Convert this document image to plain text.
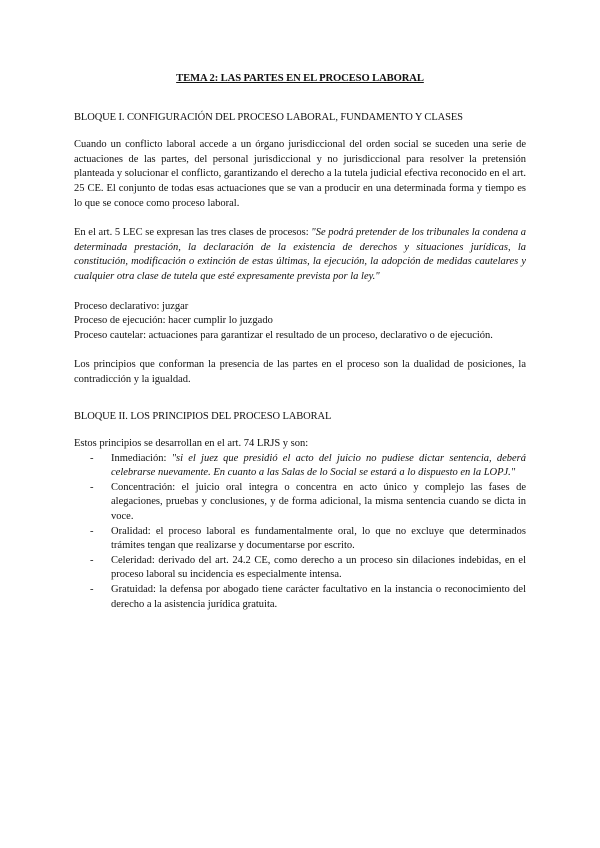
TEMA 2: LAS PARTES EN EL PROCESO LABORAL
BLOQUE I. CONFIGURACIÓN DEL PROCESO LABORAL, FUNDAMENTO Y CLASES

Cuando un conflicto laboral accede a un órgano jurisdiccional del orden social se suceden una serie de actuaciones de las partes, del personal jurisdiccional y no jurisdiccional para resolver la pretensión planteada y solucionar el conflicto, garantizando el derecho a la tutela judicial efectiva reconocido en el art. 25 CE. El conjunto de todas esas actuaciones que se van a producir en una determinada forma y tiempo es lo que se conoce como proceso laboral.

En el art. 5 LEC se expresan las tres clases de procesos: "Se podrá pretender de los tribunales la condena a determinada prestación, la declaración de la existencia de derechos y situaciones jurídicas, la constitución, modificación o extinción de estas últimas, la ejecución, la adopción de medidas cautelares y cualquier otra clase de tutela que esté expresamente prevista por la ley."

Proceso declarativo: juzgar
Proceso de ejecución: hacer cumplir lo juzgado
Proceso cautelar: actuaciones para garantizar el resultado de un proceso, declarativo o de ejecución.

Los principios que conforman la presencia de las partes en el proceso son la dualidad de posiciones, la contradicción y la igualdad.

BLOQUE II. LOS PRINCIPIOS DEL PROCESO LABORAL

Estos principios se desarrollan en el art. 74 LRJS y son:

- Inmediación: "si el juez que presidió el acto del juicio no pudiese dictar sentencia, deberá celebrarse nuevamente. En cuanto a las Salas de lo Social se estará a lo dispuesto en la LOPJ."
- Concentración: el juicio oral integra o concentra en acto único y complejo las fases de alegaciones, pruebas y conclusiones, y de forma adicional, la misma sentencia cuando se dicta in voce.
- Oralidad: el proceso laboral es fundamentalmente oral, lo que no excluye que determinados trámites tengan que realizarse y documentarse por escrito.
- Celeridad: derivado del art. 24.2 CE, como derecho a un proceso sin dilaciones indebidas, en el proceso laboral su incidencia es especialmente intensa.
- Gratuidad: la defensa por abogado tiene carácter facultativo en la instancia o reconocimiento del derecho a la asistencia jurídica gratuita.
